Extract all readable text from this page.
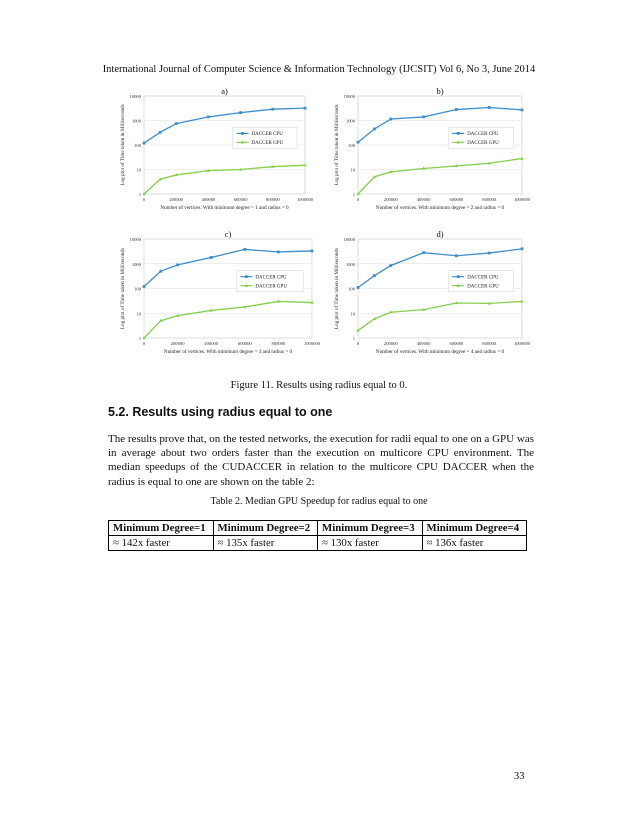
International Journal of Computer Science & Information Technology (IJCSIT) Vol 6, No 3, June 2014
a)
1
10
100
1000
10000
0	200000	400000	600000	800000	1000000
Number of vertices. With minimum degree = 1 and radius = 0
Log plot of Time taken in Milliseconds	DACCER CPU
DACCER GPU
b)
1
10
100
1000
10000
0	200000	400000	600000	800000	1000000
Number of vertices. With minimum degree = 2 and radius = 0
Log plot of Time taken in Milliseconds	DACCER CPU
DACCER GPU
c)
1
10
100
1000
10000
0	200000	400000	600000	800000	1000000
Number of vertices. With minimum degree = 3 and radius = 0
Log plot of Time taken in Milliseconds	DACCER CPU
DACCER GPU
d)
1
10
100
1000
10000
0	200000	400000	600000	800000	1000000
Number of vertices. With minimum degree = 4 and radius = 0
Log plot of Time taken in Milliseconds	DACCER CPU
DACCER GPU
Figure 11. Results using radius equal to 0.
5.2. Results using radius equal to one
The results prove that, on the tested networks, the execution for radii equal to one on a GPU was in average about two orders faster than the execution on multicore CPU environment. The median speedups of the CUDACCER in relation to the multicore CPU DACCER when the radius is equal to one are shown on the table 2:
Table 2. Median GPU Speedup for radius equal to one
Minimum Degree=1	Minimum Degree=2	Minimum Degree=3	Minimum Degree=4
≈ 142x faster	≈ 135x faster	≈ 130x faster	≈ 136x faster
33
